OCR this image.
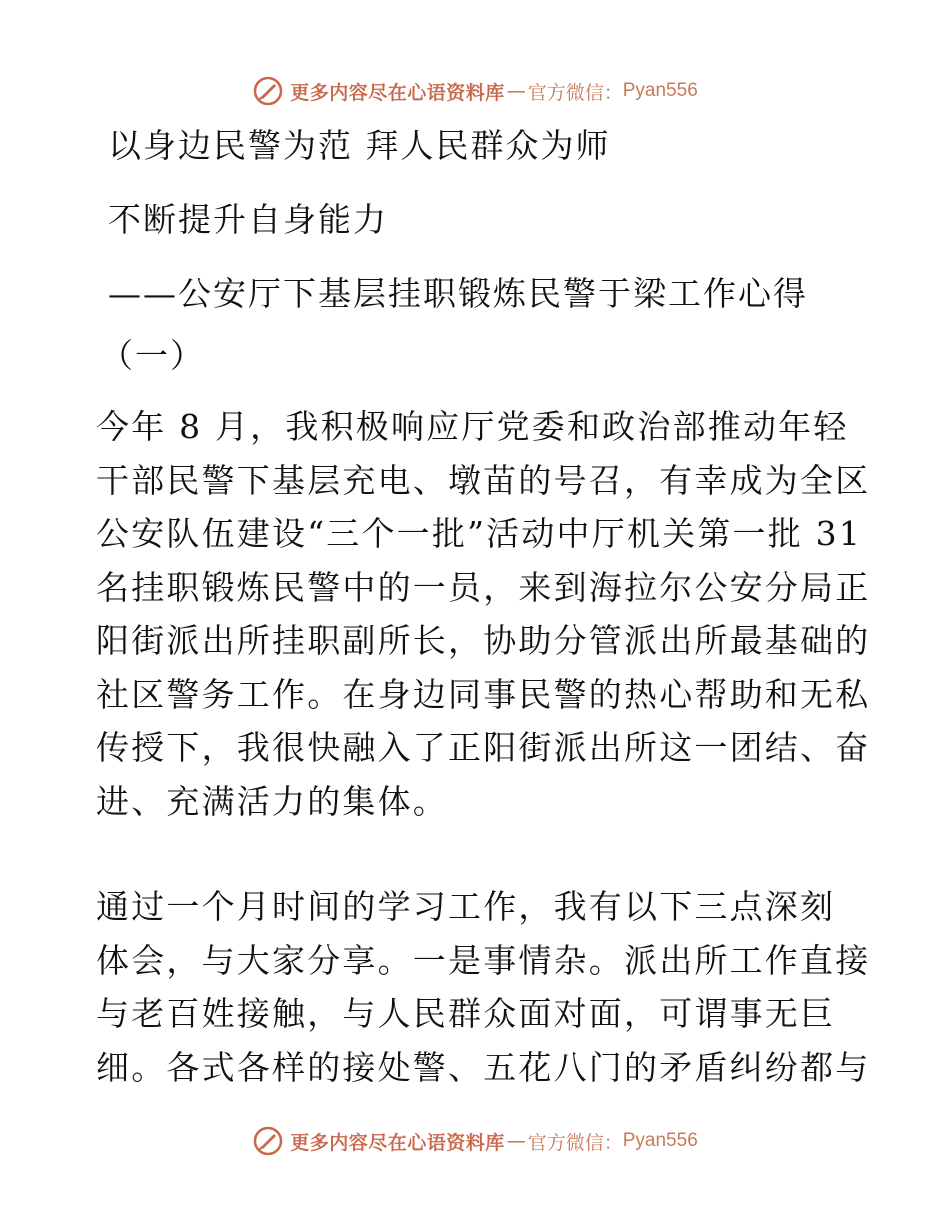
更多内容尽在心语资料库 — 官方微信： Pyan556
以身边民警为范 拜人民群众为师
不断提升自身能力
——公安厅下基层挂职锻炼民警于梁工作心得
（一）
今年 8 月，我积极响应厅党委和政治部推动年轻
干部民警下基层充电、墩苗的号召，有幸成为全区
公安队伍建设“三个一批”活动中厅机关第一批 31
名挂职锻炼民警中的一员，来到海拉尔公安分局正
阳街派出所挂职副所长，协助分管派出所最基础的
社区警务工作。在身边同事民警的热心帮助和无私
传授下，我很快融入了正阳街派出所这一团结、奋
进、充满活力的集体。
通过一个月时间的学习工作，我有以下三点深刻
体会，与大家分享。一是事情杂。派出所工作直接
与老百姓接触，与人民群众面对面，可谓事无巨
细。各式各样的接处警、五花八门的矛盾纠纷都与
更多内容尽在心语资料库 — 官方微信： Pyan556
